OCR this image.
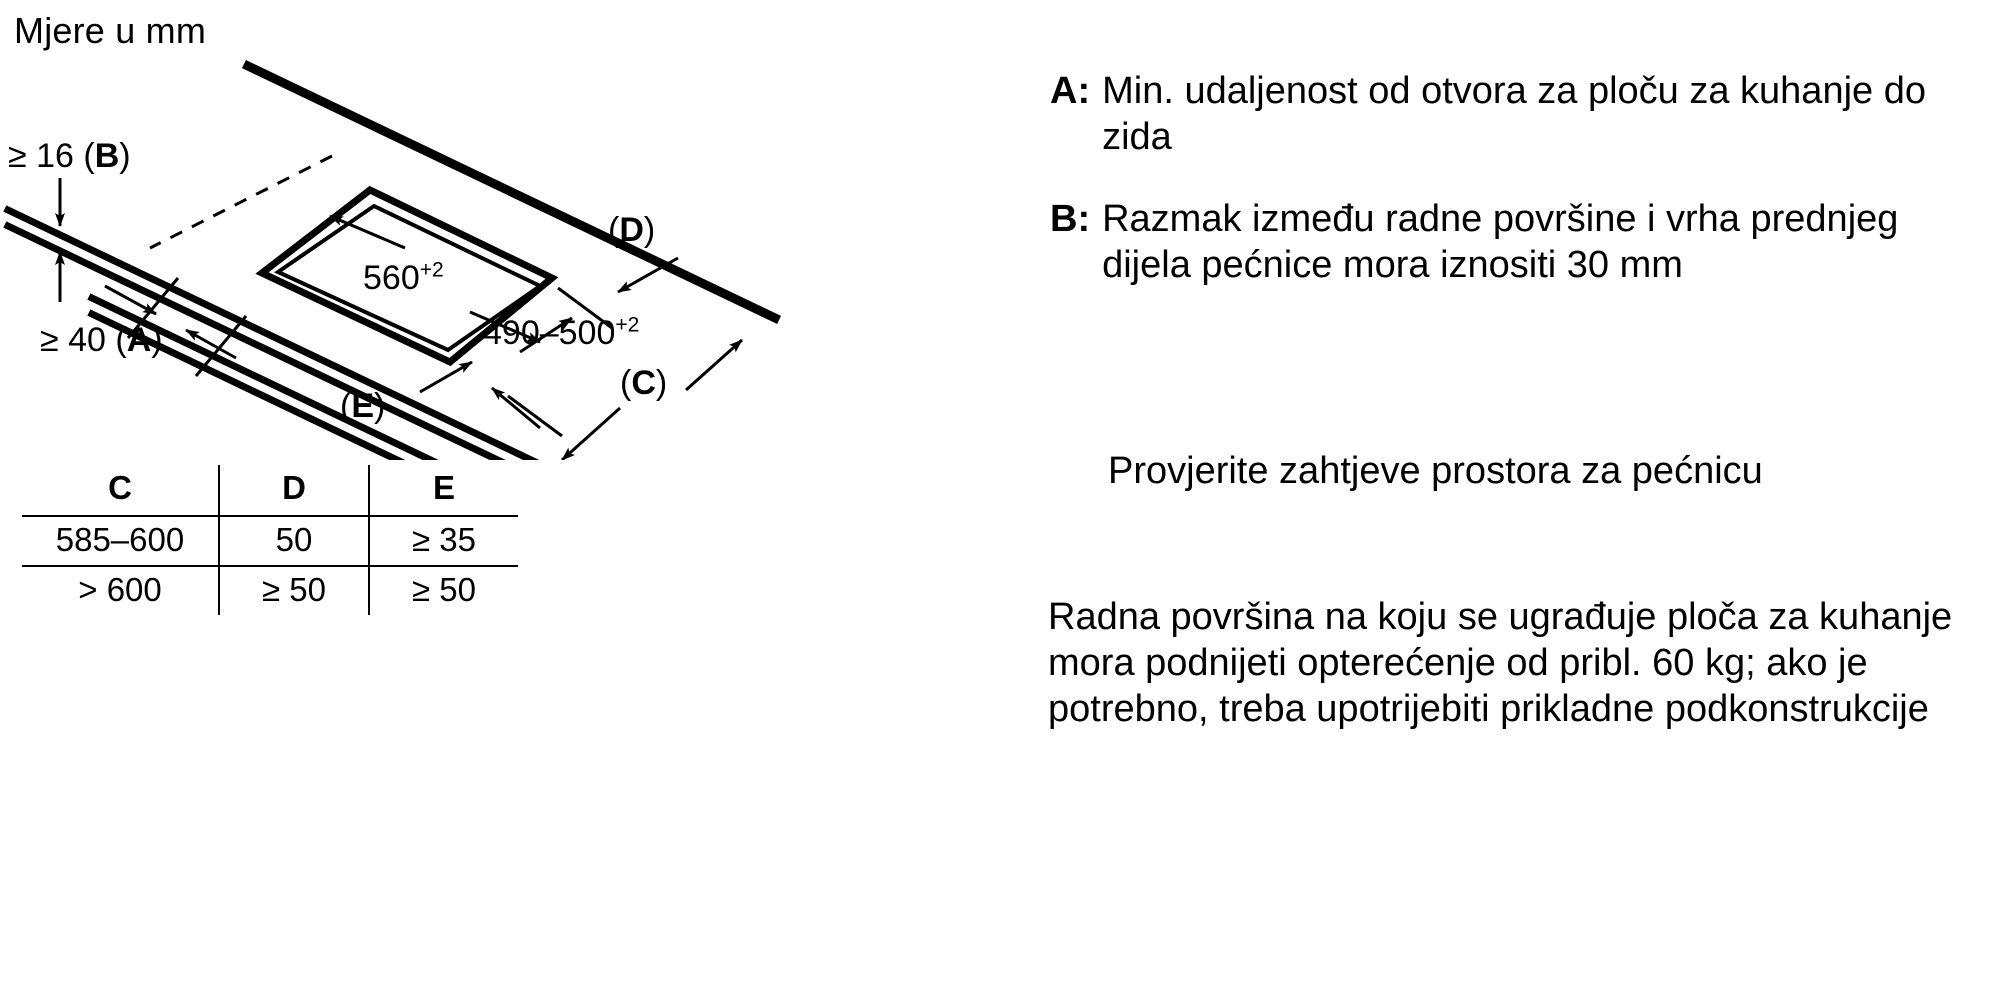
Mjere u mm
≥ 16 (B)
≥ 40 (A)
$560^{+2}$
$490-500^{+2}$
(D)
(C)
(E)
C	D	E
585–600	50	≥ 35
> 600	≥ 50	≥ 50
A: Min. udaljenost od otvora za ploču za kuhanje do zida
B: Razmak između radne površine i vrha prednjeg dijela pećnice mora iznositi 30 mm
Provjerite zahtjeve prostora za pećnicu
Radna površina na koju se ugrađuje ploča za kuhanje mora podnijeti opterećenje od pribl. 60 kg; ako je potrebno, treba upotrijebiti prikladne podkonstrukcije
